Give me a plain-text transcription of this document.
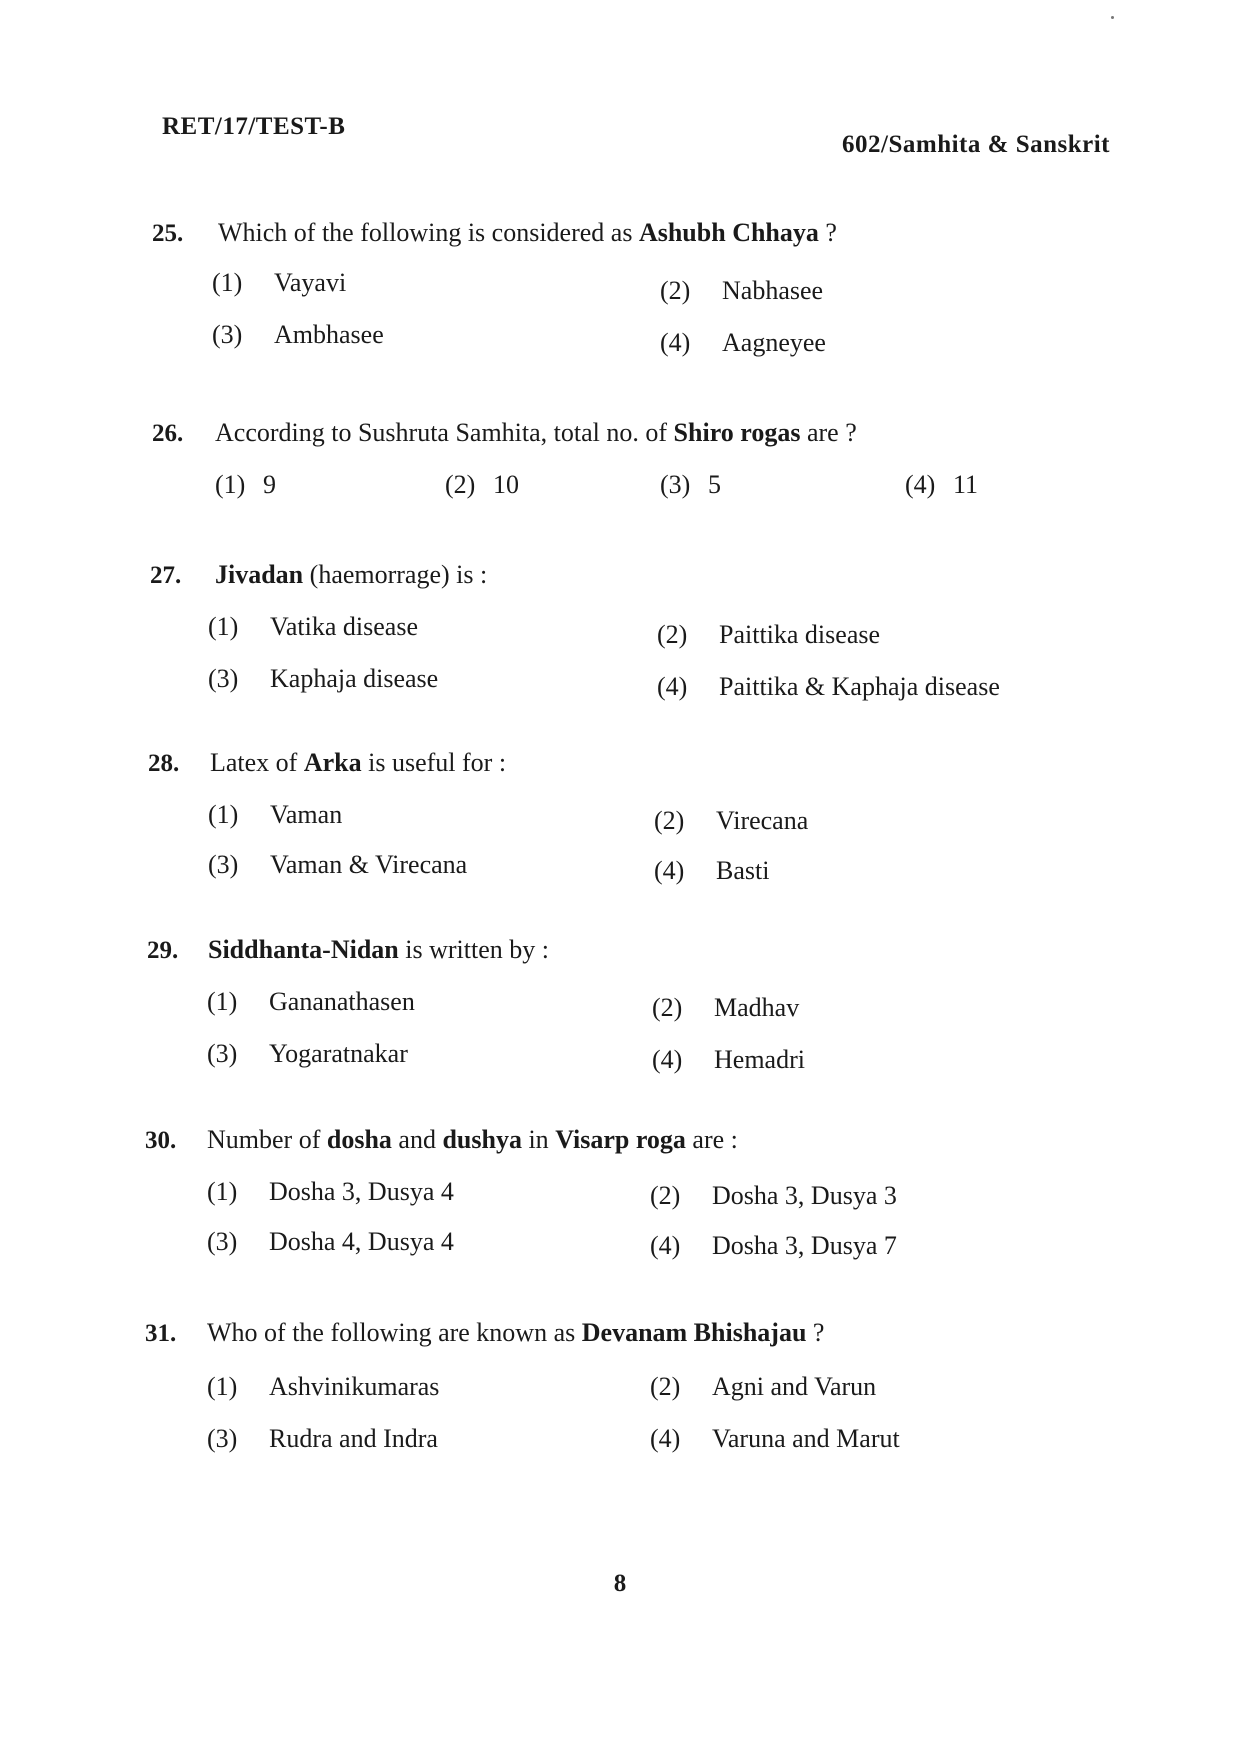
RET/17/TEST-B
602/Samhita & Sanskrit
25. Which of the following is considered as Ashubh Chhaya ?
(1) Vayavi	(2) Nabhasee
(3) Ambhasee	(4) Aagneyee
26. According to Sushruta Samhita, total no. of Shiro rogas are ?
(1) 9	(2) 10	(3) 5	(4) 11
27. Jivadan (haemorrage) is :
(1) Vatika disease	(2) Paittika disease
(3) Kaphaja disease	(4) Paittika & Kaphaja disease
28. Latex of Arka is useful for :
(1) Vaman	(2) Virecana
(3) Vaman & Virecana	(4) Basti
29. Siddhanta-Nidan is written by :
(1) Gananathasen	(2) Madhav
(3) Yogaratnakar	(4) Hemadri
30. Number of dosha and dushya in Visarp roga are :
(1) Dosha 3, Dusya 4	(2) Dosha 3, Dusya 3
(3) Dosha 4, Dusya 4	(4) Dosha 3, Dusya 7
31. Who of the following are known as Devanam Bhishajau ?
(1) Ashvinikumaras	(2) Agni and Varun
(3) Rudra and Indra	(4) Varuna and Marut
8
